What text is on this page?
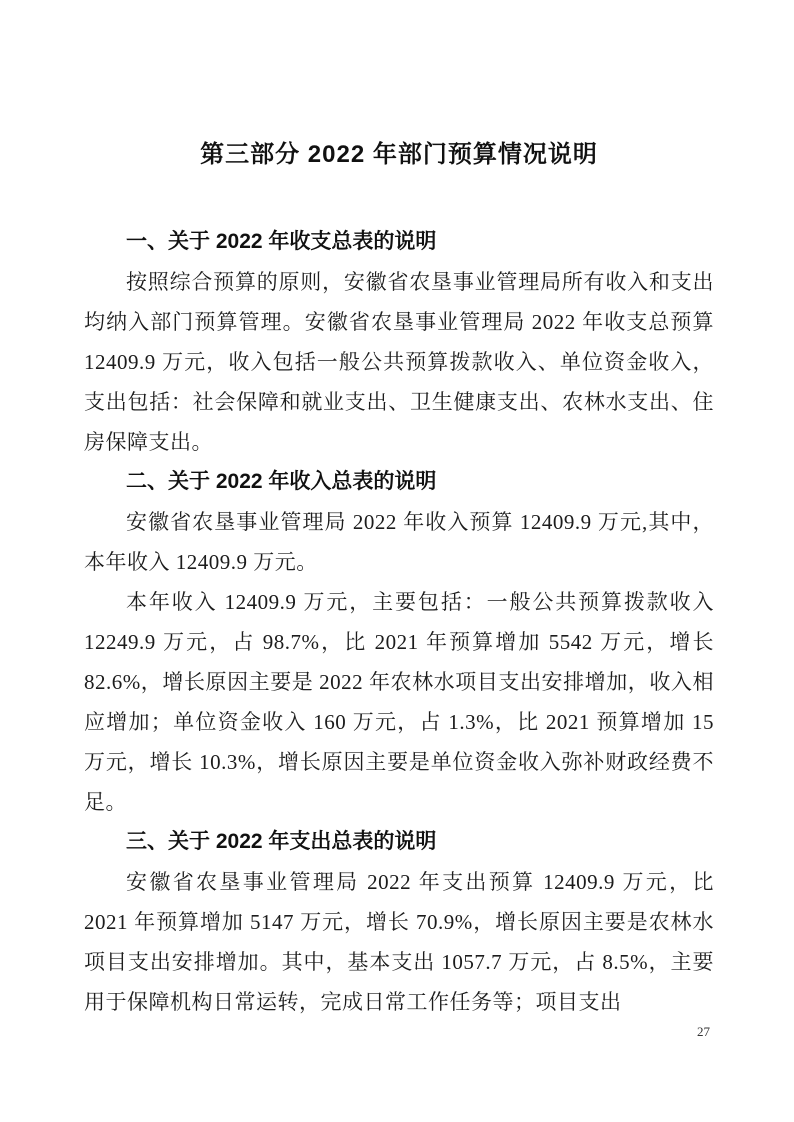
第三部分 2022 年部门预算情况说明
一、关于 2022 年收支总表的说明

按照综合预算的原则，安徽省农垦事业管理局所有收入和支出均纳入部门预算管理。安徽省农垦事业管理局 2022 年收支总预算 12409.9 万元，收入包括一般公共预算拨款收入、单位资金收入，支出包括：社会保障和就业支出、卫生健康支出、农林水支出、住房保障支出。

二、关于 2022 年收入总表的说明

安徽省农垦事业管理局 2022 年收入预算 12409.9 万元,其中，本年收入 12409.9 万元。

本年收入 12409.9 万元，主要包括：一般公共预算拨款收入 12249.9 万元，占 98.7%，比 2021 年预算增加 5542 万元，增长 82.6%，增长原因主要是 2022 年农林水项目支出安排增加，收入相应增加；单位资金收入 160 万元，占 1.3%，比 2021 预算增加 15 万元，增长 10.3%，增长原因主要是单位资金收入弥补财政经费不足。

三、关于 2022 年支出总表的说明

安徽省农垦事业管理局 2022 年支出预算 12409.9 万元，比 2021 年预算增加 5147 万元，增长 70.9%，增长原因主要是农林水项目支出安排增加。其中，基本支出 1057.7 万元，占 8.5%，主要用于保障机构日常运转，完成日常工作任务等；项目支出

27
